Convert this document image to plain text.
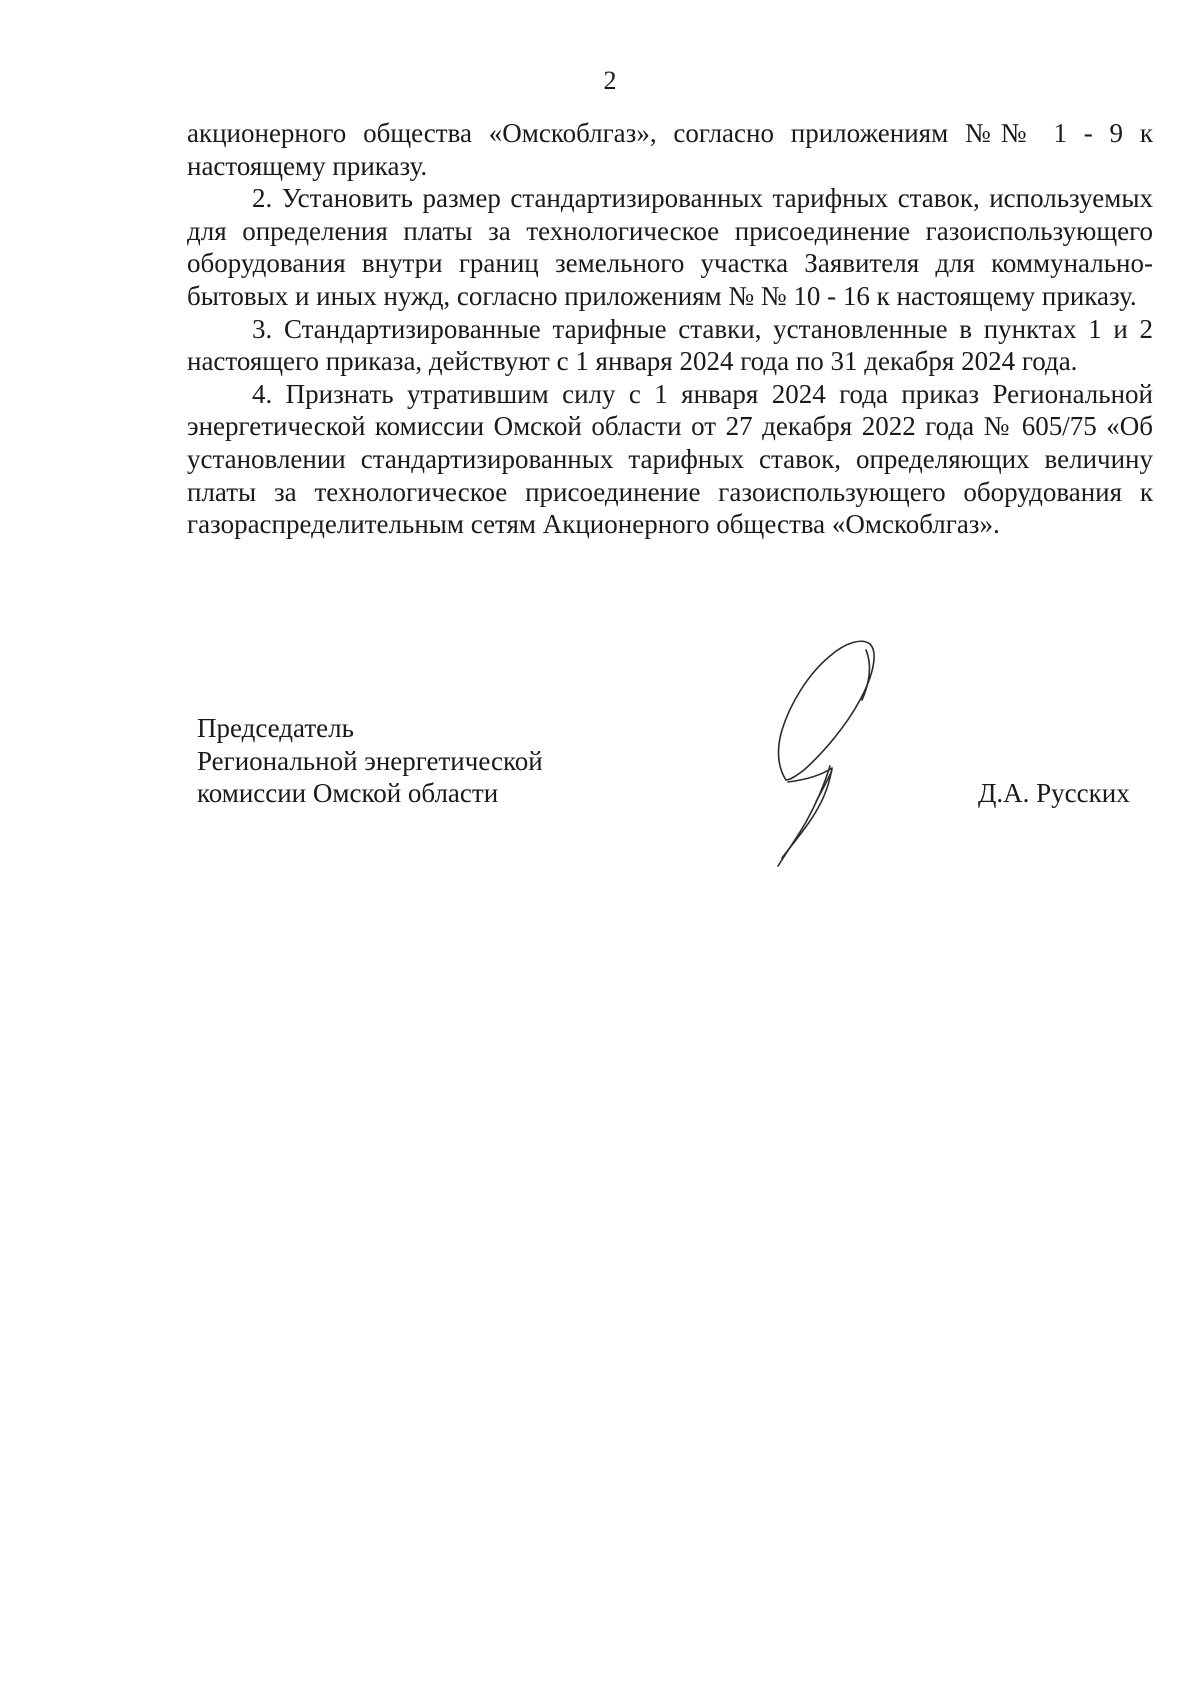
2

акционерного общества «Омскоблгаз», согласно приложениям №№ 1 - 9 к настоящему приказу.

2. Установить размер стандартизированных тарифных ставок, используемых для определения платы за технологическое присоединение газоиспользующего оборудования внутри границ земельного участка Заявителя для коммунально-бытовых и иных нужд, согласно приложениям № № 10 - 16 к настоящему приказу.

3. Стандартизированные тарифные ставки, установленные в пунктах 1 и 2 настоящего приказа, действуют с 1 января 2024 года по 31 декабря 2024 года.

4. Признать утратившим силу с 1 января 2024 года приказ Региональной энергетической комиссии Омской области от 27 декабря 2022 года № 605/75 «Об установлении стандартизированных тарифных ставок, определяющих величину платы за технологическое присоединение газоиспользующего оборудования к газораспределительным сетям Акционерного общества «Омскоблгаз».

Председатель
Региональной энергетической
комиссии Омской области	Д.А. Русских
